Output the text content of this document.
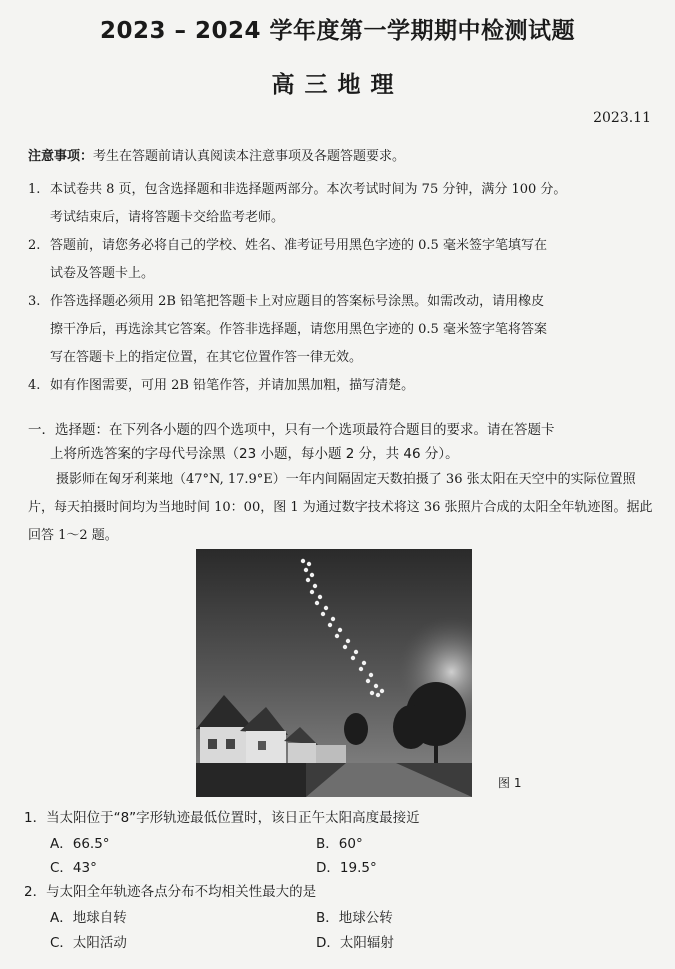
2023 – 2024 学年度第一学期期中检测试题
高三地理
2023.11
注意事项：考生在答题前请认真阅读本注意事项及各题答题要求。
1. 本试卷共 8 页，包含选择题和非选择题两部分。本次考试时间为 75 分钟，满分 100 分。
考试结束后，请将答题卡交给监考老师。
2. 答题前，请您务必将自己的学校、姓名、准考证号用黑色字迹的 0.5 毫米签字笔填写在
试卷及答题卡上。
3. 作答选择题必须用 2B 铅笔把答题卡上对应题目的答案标号涂黑。如需改动，请用橡皮
擦干净后，再选涂其它答案。作答非选择题，请您用黑色字迹的 0.5 毫米签字笔将答案
写在答题卡上的指定位置，在其它位置作答一律无效。
4. 如有作图需要，可用 2B 铅笔作答，并请加黑加粗，描写清楚。
一．选择题：在下列各小题的四个选项中，只有一个选项最符合题目的要求。请在答题卡
上将所选答案的字母代号涂黑（23 小题，每小题 2 分，共 46 分）。
摄影师在匈牙利莱地（47°N, 17.9°E）一年内间隔固定天数拍摄了 36 张太阳在天空中的实际位置照片，每天拍摄时间均为当地时间 10：00，图 1 为通过数字技术将这 36 张照片合成的太阳全年轨迹图。据此回答 1～2 题。
图 1
1．当太阳位于“8”字形轨迹最低位置时，该日正午太阳高度最接近
A．66.5°	B．60°
C．43°	D．19.5°
2．与太阳全年轨迹各点分布不均相关性最大的是
A．地球自转	B．地球公转
C．太阳活动	D．太阳辐射
